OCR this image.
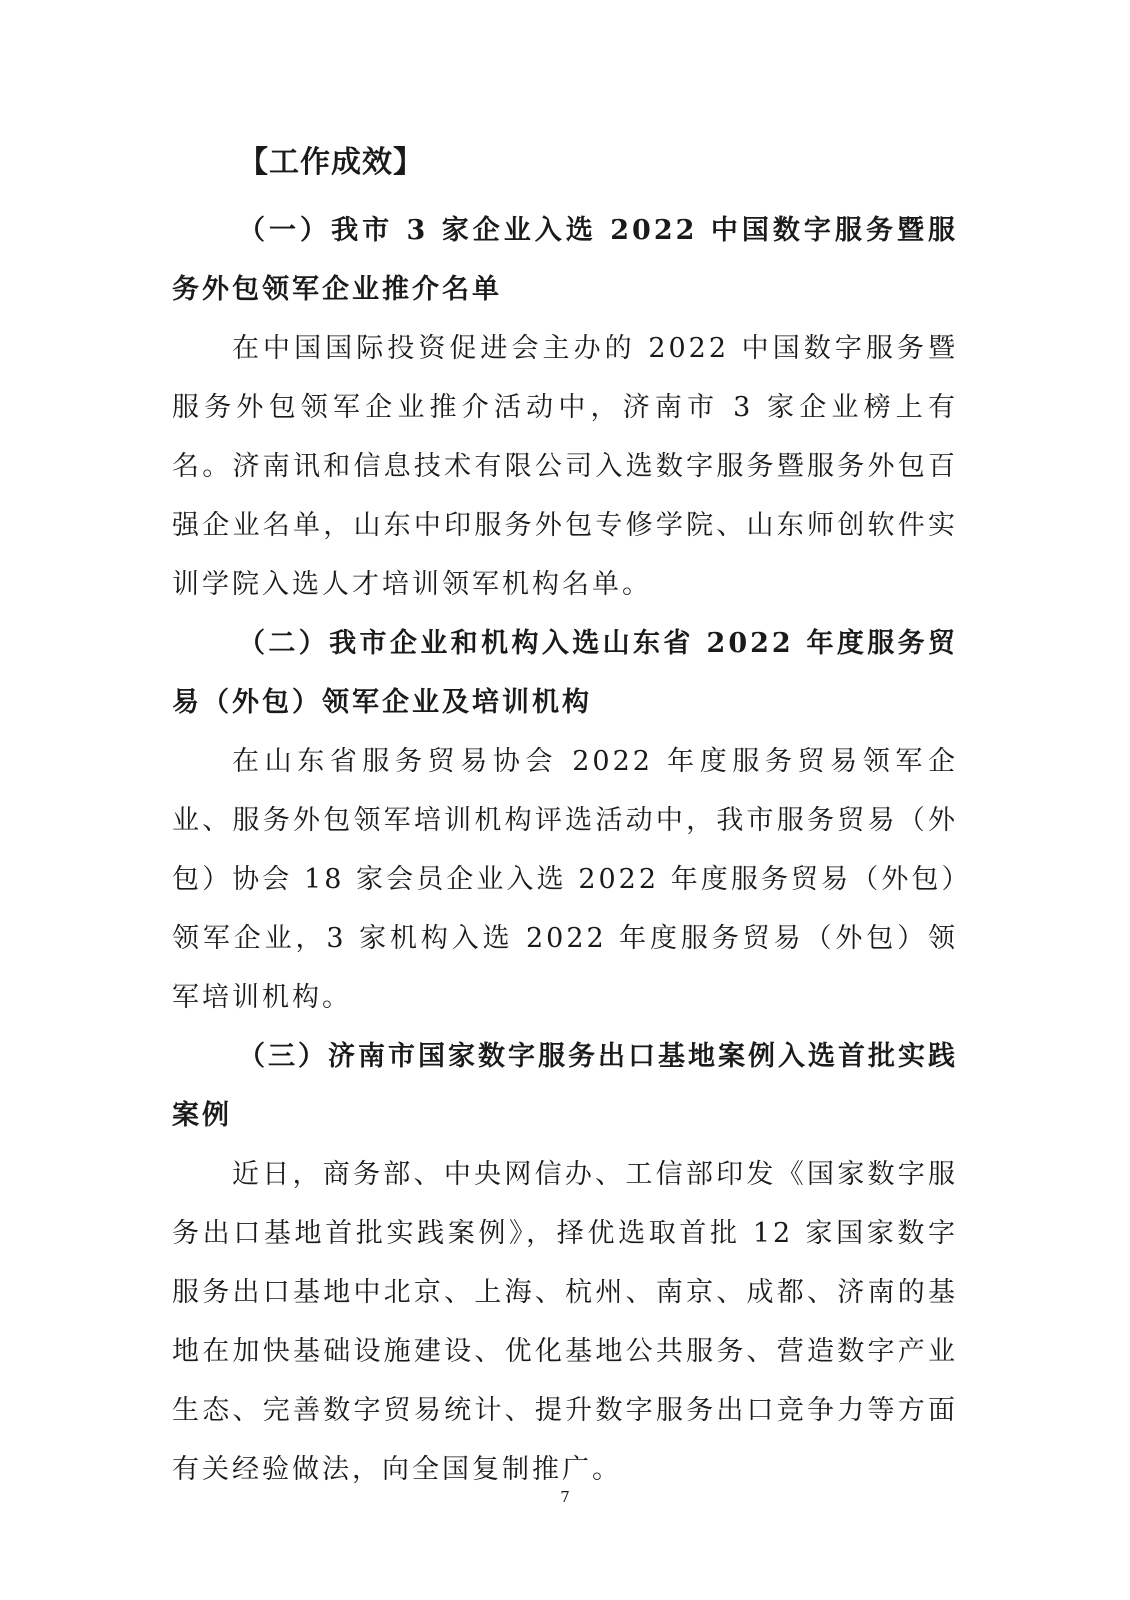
【工作成效】

（一）我市 3 家企业入选 2022 中国数字服务暨服务外包领军企业推介名单

在中国国际投资促进会主办的 2022 中国数字服务暨服务外包领军企业推介活动中，济南市 3 家企业榜上有名。济南讯和信息技术有限公司入选数字服务暨服务外包百强企业名单，山东中印服务外包专修学院、山东师创软件实训学院入选人才培训领军机构名单。

（二）我市企业和机构入选山东省 2022 年度服务贸易（外包）领军企业及培训机构

在山东省服务贸易协会 2022 年度服务贸易领军企业、服务外包领军培训机构评选活动中，我市服务贸易（外包）协会 18 家会员企业入选 2022 年度服务贸易（外包）领军企业，3 家机构入选 2022 年度服务贸易（外包）领军培训机构。

（三）济南市国家数字服务出口基地案例入选首批实践案例

近日，商务部、中央网信办、工信部印发《国家数字服务出口基地首批实践案例》，择优选取首批 12 家国家数字服务出口基地中北京、上海、杭州、南京、成都、济南的基地在加快基础设施建设、优化基地公共服务、营造数字产业生态、完善数字贸易统计、提升数字服务出口竞争力等方面有关经验做法，向全国复制推广。

7
